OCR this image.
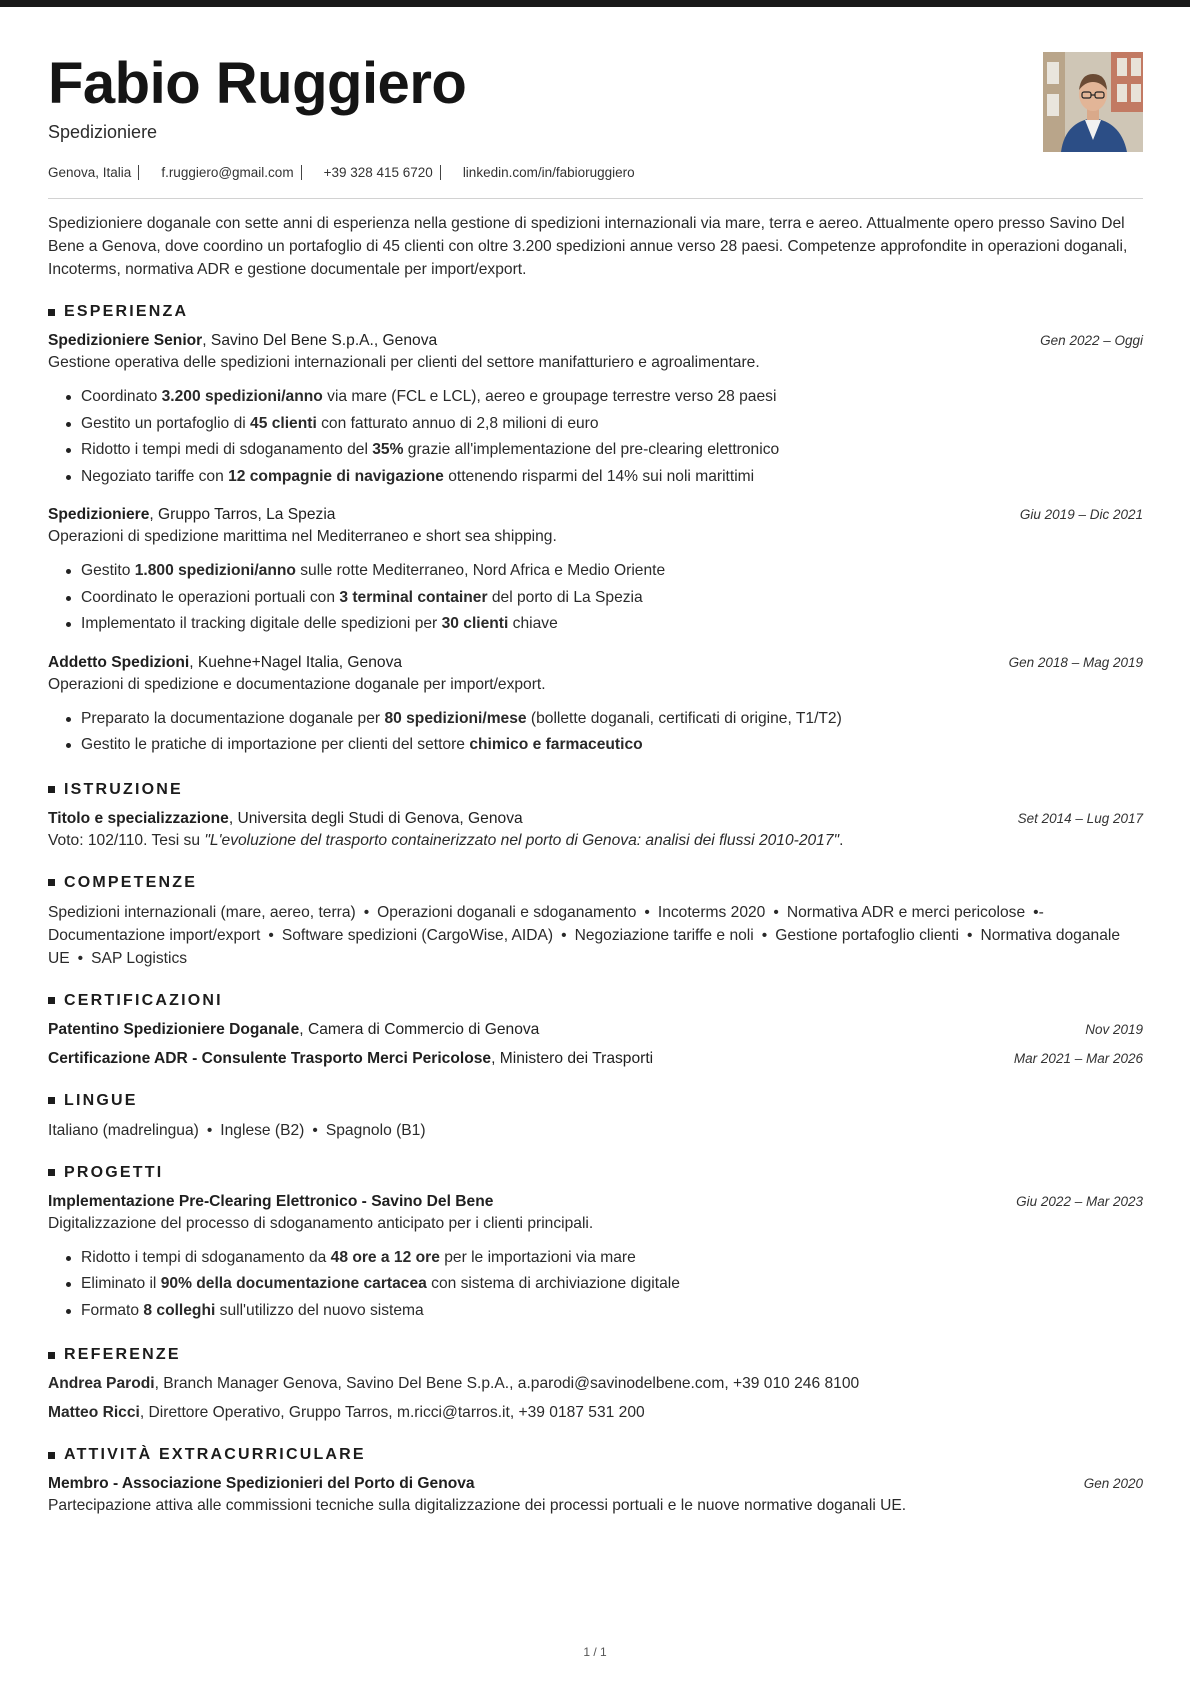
Fabio Ruggiero
Spedizioniere
Genova, Italia f.ruggiero@gmail.com +39 328 415 6720 linkedin.com/in/fabioruggiero

Spedizioniere doganale con sette anni di esperienza nella gestione di spedizioni internazionali via mare, terra e aereo. Attualmente opero presso Savino Del Bene a Genova, dove coordino un portafoglio di 45 clienti con oltre 3.200 spedizioni annue verso 28 paesi. Competenze approfondite in operazioni doganali, Incoterms, normativa ADR e gestione documentale per import/export.

ESPERIENZA
Spedizioniere Senior, Savino Del Bene S.p.A., Genova	Gen 2022 – Oggi
Gestione operativa delle spedizioni internazionali per clienti del settore manifatturiero e agroalimentare.
Coordinato 3.200 spedizioni/anno via mare (FCL e LCL), aereo e groupage terrestre verso 28 paesi
Gestito un portafoglio di 45 clienti con fatturato annuo di 2,8 milioni di euro
Ridotto i tempi medi di sdoganamento del 35% grazie all'implementazione del pre-clearing elettronico
Negoziato tariffe con 12 compagnie di navigazione ottenendo risparmi del 14% sui noli marittimi
Spedizioniere, Gruppo Tarros, La Spezia	Giu 2019 – Dic 2021
Operazioni di spedizione marittima nel Mediterraneo e short sea shipping.
Gestito 1.800 spedizioni/anno sulle rotte Mediterraneo, Nord Africa e Medio Oriente
Coordinato le operazioni portuali con 3 terminal container del porto di La Spezia
Implementato il tracking digitale delle spedizioni per 30 clienti chiave
Addetto Spedizioni, Kuehne+Nagel Italia, Genova	Gen 2018 – Mag 2019
Operazioni di spedizione e documentazione doganale per import/export.
Preparato la documentazione doganale per 80 spedizioni/mese (bollette doganali, certificati di origine, T1/T2)
Gestito le pratiche di importazione per clienti del settore chimico e farmaceutico
ISTRUZIONE
Titolo e specializzazione, Universita degli Studi di Genova, Genova	Set 2014 – Lug 2017
Voto: 102/110. Tesi su "L'evoluzione del trasporto containerizzato nel porto di Genova: analisi dei flussi 2010-2017".
COMPETENZE
Spedizioni internazionali (mare, aereo, terra) • Operazioni doganali e sdoganamento • Incoterms 2020 • Normativa ADR e merci pericolose •-Documentazione import/export • Software spedizioni (CargoWise, AIDA) • Negoziazione tariffe e noli • Gestione portafoglio clienti • Normativa doganale UE • SAP Logistics
CERTIFICAZIONI
Patentino Spedizioniere Doganale, Camera di Commercio di Genova	Nov 2019
Certificazione ADR - Consulente Trasporto Merci Pericolose, Ministero dei Trasporti	Mar 2021 – Mar 2026
LINGUE
Italiano (madrelingua) • Inglese (B2) • Spagnolo (B1)
PROGETTI
Implementazione Pre-Clearing Elettronico - Savino Del Bene	Giu 2022 – Mar 2023
Digitalizzazione del processo di sdoganamento anticipato per i clienti principali.
Ridotto i tempi di sdoganamento da 48 ore a 12 ore per le importazioni via mare
Eliminato il 90% della documentazione cartacea con sistema di archiviazione digitale
Formato 8 colleghi sull'utilizzo del nuovo sistema
REFERENZE
Andrea Parodi, Branch Manager Genova, Savino Del Bene S.p.A., a.parodi@savinodelbene.com, +39 010 246 8100
Matteo Ricci, Direttore Operativo, Gruppo Tarros, m.ricci@tarros.it, +39 0187 531 200
ATTIVITÀ EXTRACURRICULARE
Membro - Associazione Spedizionieri del Porto di Genova	Gen 2020
Partecipazione attiva alle commissioni tecniche sulla digitalizzazione dei processi portuali e le nuove normative doganali UE.
1 / 1
